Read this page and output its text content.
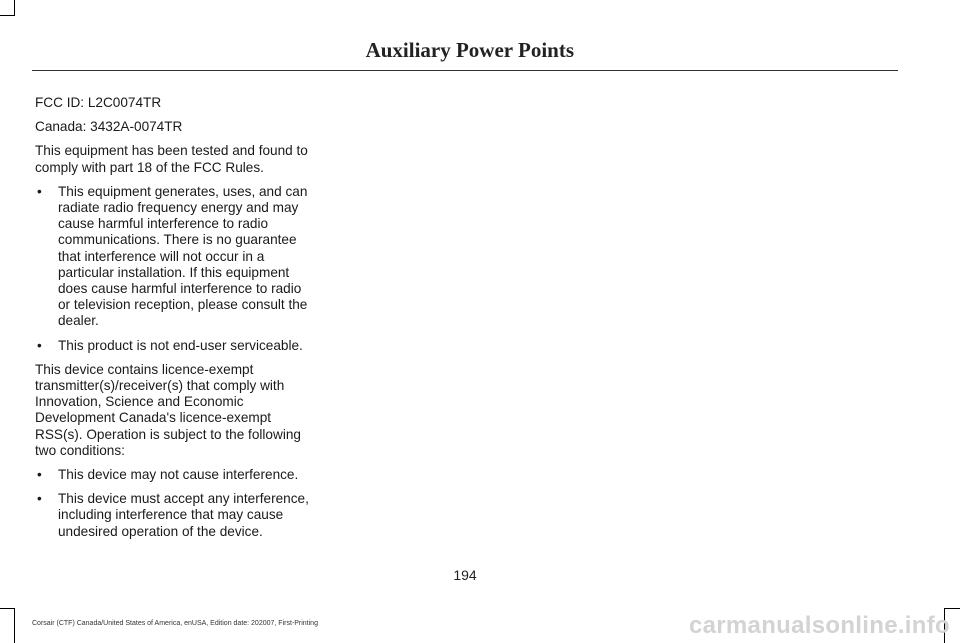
Auxiliary Power Points

FCC ID: L2C0074TR

Canada: 3432A-0074TR

This equipment has been tested and found to comply with part 18 of the FCC Rules.

• This equipment generates, uses, and can radiate radio frequency energy and may cause harmful interference to radio communications. There is no guarantee that interference will not occur in a particular installation. If this equipment does cause harmful interference to radio or television reception, please consult the dealer.
• This product is not end-user serviceable.

This device contains licence-exempt transmitter(s)/receiver(s) that comply with Innovation, Science and Economic Development Canada's licence-exempt RSS(s). Operation is subject to the following two conditions:

• This device may not cause interference.
• This device must accept any interference, including interference that may cause undesired operation of the device.
194
Corsair (CTF) Canada/United States of America, enUSA, Edition date: 202007, First-Printing	carmanualsonline.info
